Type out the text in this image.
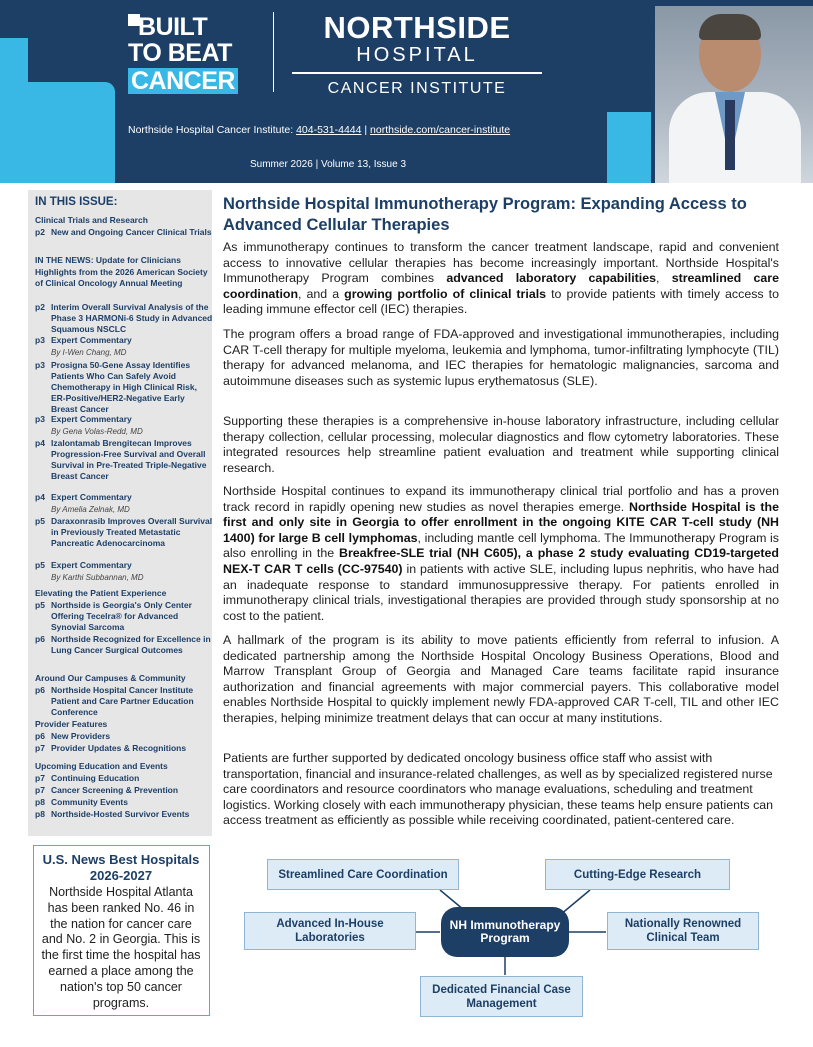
BUILT
TO BEAT
CANCER
NORTHSIDE
HOSPITAL
CANCER INSTITUTE
Northside Hospital Cancer Institute: 404-531-4444 | northside.com/cancer-institute
Summer 2026 | Volume 13, Issue 3
IN THIS ISSUE:
Clinical Trials and Research
p2 New and Ongoing Cancer Clinical Trials
IN THE NEWS: Update for Clinicians
Highlights from the 2026 American Society of Clinical Oncology Annual Meeting
p2 Interim Overall Survival Analysis of the Phase 3 HARMONi-6 Study in Advanced Squamous NSCLC
p3 Expert Commentary
By I-Wen Chang, MD
p3 Prosigna 50-Gene Assay Identifies Patients Who Can Safely Avoid Chemotherapy in High Clinical Risk, ER-Positive/HER2-Negative Early Breast Cancer
p3 Expert Commentary
By Gena Volas-Redd, MD
p4 Izalontamab Brengitecan Improves Progression-Free Survival and Overall Survival in Pre-Treated Triple-Negative Breast Cancer
p4 Expert Commentary
By Amelia Zelnak, MD
p5 Daraxonrasib Improves Overall Survival in Previously Treated Metastatic Pancreatic Adenocarcinoma
p5 Expert Commentary
By Karthi Subbannan, MD
Elevating the Patient Experience
p5 Northside is Georgia's Only Center Offering Tecelra® for Advanced Synovial Sarcoma
p6 Northside Recognized for Excellence in Lung Cancer Surgical Outcomes
Around Our Campuses & Community
p6 Northside Hospital Cancer Institute Patient and Care Partner Education Conference
Provider Features
p6 New Providers
p7 Provider Updates & Recognitions
Upcoming Education and Events
p7 Continuing Education
p7 Cancer Screening & Prevention
p8 Community Events
p8 Northside-Hosted Survivor Events
U.S. News Best Hospitals 2026-2027
Northside Hospital Atlanta has been ranked No. 46 in the nation for cancer care and No. 2 in Georgia. This is the first time the hospital has earned a place among the nation's top 50 cancer programs.
Northside Hospital Immunotherapy Program: Expanding Access to Advanced Cellular Therapies
As immunotherapy continues to transform the cancer treatment landscape, rapid and convenient access to innovative cellular therapies has become increasingly important. Northside Hospital's Immunotherapy Program combines advanced laboratory capabilities, streamlined care coordination, and a growing portfolio of clinical trials to provide patients with timely access to leading immune effector cell (IEC) therapies.
The program offers a broad range of FDA-approved and investigational immunotherapies, including CAR T-cell therapy for multiple myeloma, leukemia and lymphoma, tumor-infiltrating lymphocyte (TIL) therapy for advanced melanoma, and IEC therapies for hematologic malignancies, sarcoma and autoimmune diseases such as systemic lupus erythematosus (SLE).
Supporting these therapies is a comprehensive in-house laboratory infrastructure, including cellular therapy collection, cellular processing, molecular diagnostics and flow cytometry laboratories. These integrated resources help streamline patient evaluation and treatment while supporting clinical research.
Northside Hospital continues to expand its immunotherapy clinical trial portfolio and has a proven track record in rapidly opening new studies as novel therapies emerge. Northside Hospital is the first and only site in Georgia to offer enrollment in the ongoing KITE CAR T-cell study (NH 1400) for large B cell lymphomas, including mantle cell lymphoma. The Immunotherapy Program is also enrolling in the Breakfree-SLE trial (NH C605), a phase 2 study evaluating CD19-targeted NEX-T CAR T cells (CC-97540) in patients with active SLE, including lupus nephritis, who have had an inadequate response to standard immunosuppressive therapy. For patients enrolled in immunotherapy clinical trials, investigational therapies are provided through study sponsorship at no cost to the patient.
A hallmark of the program is its ability to move patients efficiently from referral to infusion. A dedicated partnership among the Northside Hospital Oncology Business Operations, Blood and Marrow Transplant Group of Georgia and Managed Care teams facilitate rapid insurance authorization and financial agreements with major commercial payers. This collaborative model enables Northside Hospital to quickly implement newly FDA-approved CAR T-cell, TIL and other IEC therapies, helping minimize treatment delays that can occur at many institutions.
Patients are further supported by dedicated oncology business office staff who assist with transportation, financial and insurance-related challenges, as well as by specialized registered nurse care coordinators and resource coordinators who manage evaluations, scheduling and treatment logistics. Working closely with each immunotherapy physician, these teams help ensure patients can access treatment as efficiently as possible while receiving coordinated, patient-centered care.
Streamlined Care Coordination	Cutting-Edge Research
Advanced In-House Laboratories
NH Immunotherapy Program
Nationally Renowned Clinical Team
Dedicated Financial Case Management
